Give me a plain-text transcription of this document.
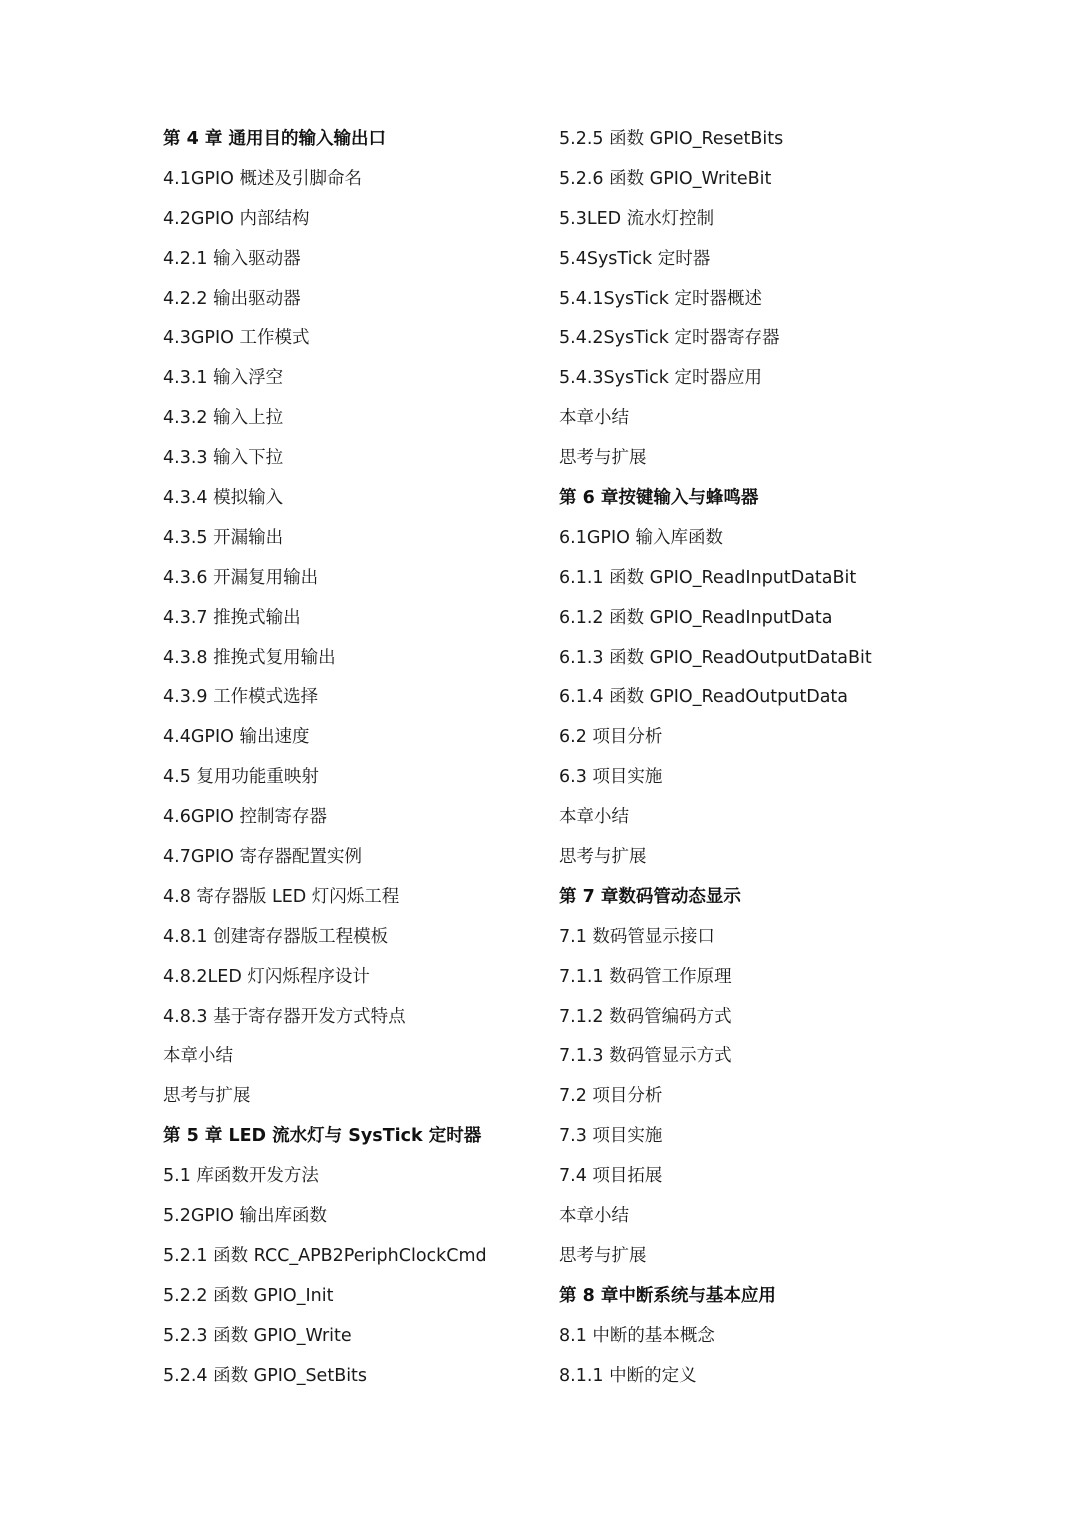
第 4 章 通用目的输入输出口
4.1GPIO 概述及引脚命名
4.2GPIO 内部结构
4.2.1 输入驱动器
4.2.2 输出驱动器
4.3GPIO 工作模式
4.3.1 输入浮空
4.3.2 输入上拉
4.3.3 输入下拉
4.3.4 模拟输入
4.3.5 开漏输出
4.3.6 开漏复用输出
4.3.7 推挽式输出
4.3.8 推挽式复用输出
4.3.9 工作模式选择
4.4GPIO 输出速度
4.5 复用功能重映射
4.6GPIO 控制寄存器
4.7GPIO 寄存器配置实例
4.8 寄存器版 LED 灯闪烁工程
4.8.1 创建寄存器版工程模板
4.8.2LED 灯闪烁程序设计
4.8.3 基于寄存器开发方式特点
本章小结
思考与扩展
第 5 章 LED 流水灯与 SysTick 定时器
5.1 库函数开发方法
5.2GPIO 输出库函数
5.2.1 函数 RCC_APB2PeriphClockCmd
5.2.2 函数 GPIO_Init
5.2.3 函数 GPIO_Write
5.2.4 函数 GPIO_SetBits
5.2.5 函数 GPIO_ResetBits
5.2.6 函数 GPIO_WriteBit
5.3LED 流水灯控制
5.4SysTick 定时器
5.4.1SysTick 定时器概述
5.4.2SysTick 定时器寄存器
5.4.3SysTick 定时器应用
本章小结
思考与扩展
第 6 章按键输入与蜂鸣器
6.1GPIO 输入库函数
6.1.1 函数 GPIO_ReadInputDataBit
6.1.2 函数 GPIO_ReadInputData
6.1.3 函数 GPIO_ReadOutputDataBit
6.1.4 函数 GPIO_ReadOutputData
6.2 项目分析
6.3 项目实施
本章小结
思考与扩展
第 7 章数码管动态显示
7.1 数码管显示接口
7.1.1 数码管工作原理
7.1.2 数码管编码方式
7.1.3 数码管显示方式
7.2 项目分析
7.3 项目实施
7.4 项目拓展
本章小结
思考与扩展
第 8 章中断系统与基本应用
8.1 中断的基本概念
8.1.1 中断的定义
